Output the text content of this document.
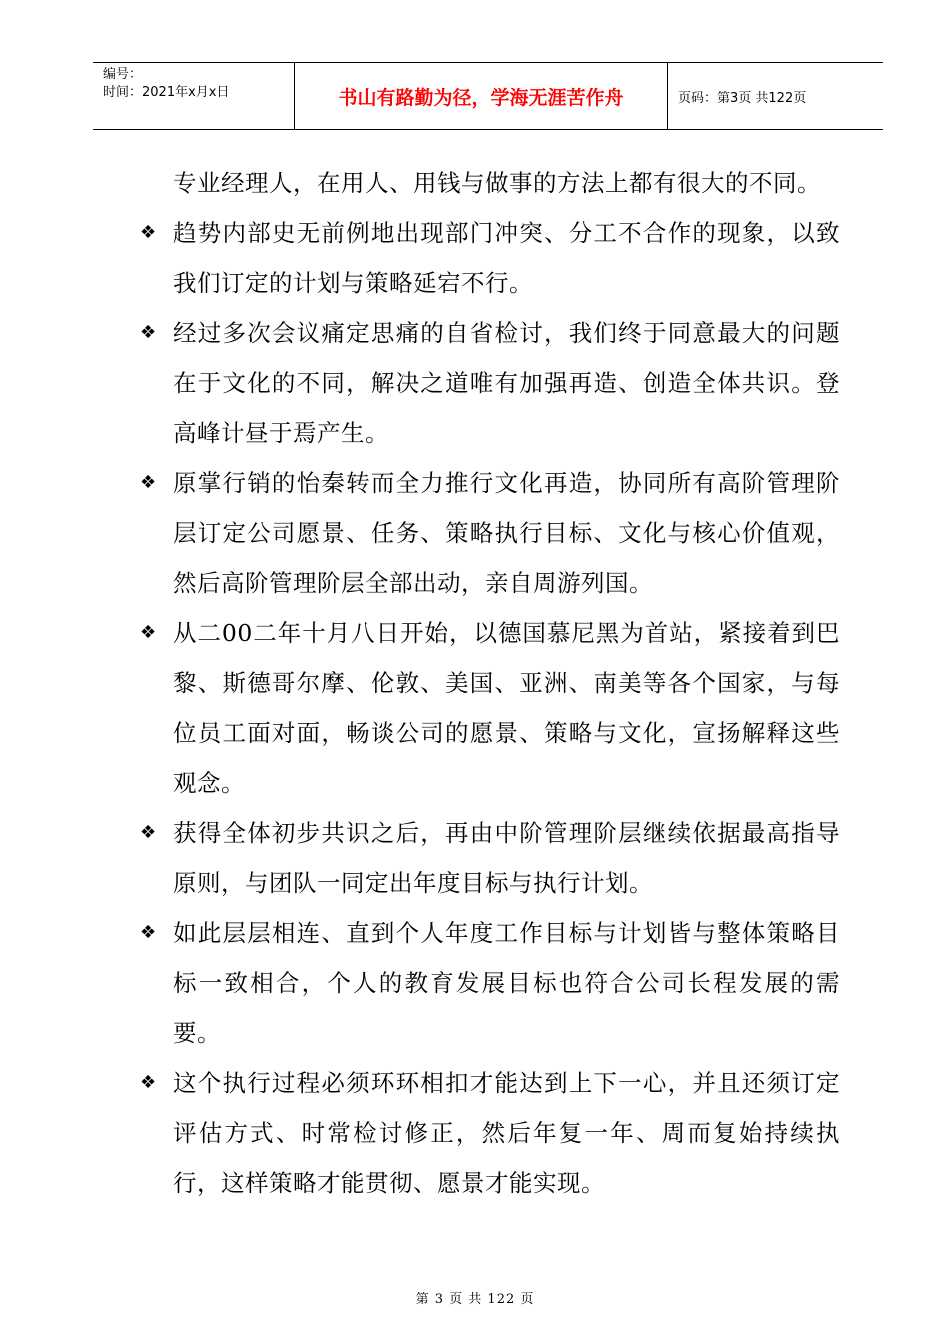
编号：
时间：2021年x月x日	书山有路勤为径，学海无涯苦作舟	页码：第3页 共122页
专业经理人，在用人、用钱与做事的方法上都有很大的不同。
❖ 趋势内部史无前例地出现部门冲突、分工不合作的现象，以致我们订定的计划与策略延宕不行。
❖ 经过多次会议痛定思痛的自省检讨，我们终于同意最大的问题在于文化的不同，解决之道唯有加强再造、创造全体共识。登高峰计昼于焉产生。
❖ 原掌行销的怡秦转而全力推行文化再造，协同所有高阶管理阶层订定公司愿景、任务、策略执行目标、文化与核心价值观，然后高阶管理阶层全部出动，亲自周游列国。
❖ 从二00二年十月八日开始，以德国慕尼黑为首站，紧接着到巴黎、斯德哥尔摩、伦敦、美国、亚洲、南美等各个国家，与每位员工面对面，畅谈公司的愿景、策略与文化，宣扬解释这些观念。
❖ 获得全体初步共识之后，再由中阶管理阶层继续依据最高指导原则，与团队一同定出年度目标与执行计划。
❖ 如此层层相连、直到个人年度工作目标与计划皆与整体策略目标一致相合，个人的教育发展目标也符合公司长程发展的需要。
❖ 这个执行过程必须环环相扣才能达到上下一心，并且还须订定评估方式、时常检讨修正，然后年复一年、周而复始持续执行，这样策略才能贯彻、愿景才能实现。
第 3 页 共 122 页
